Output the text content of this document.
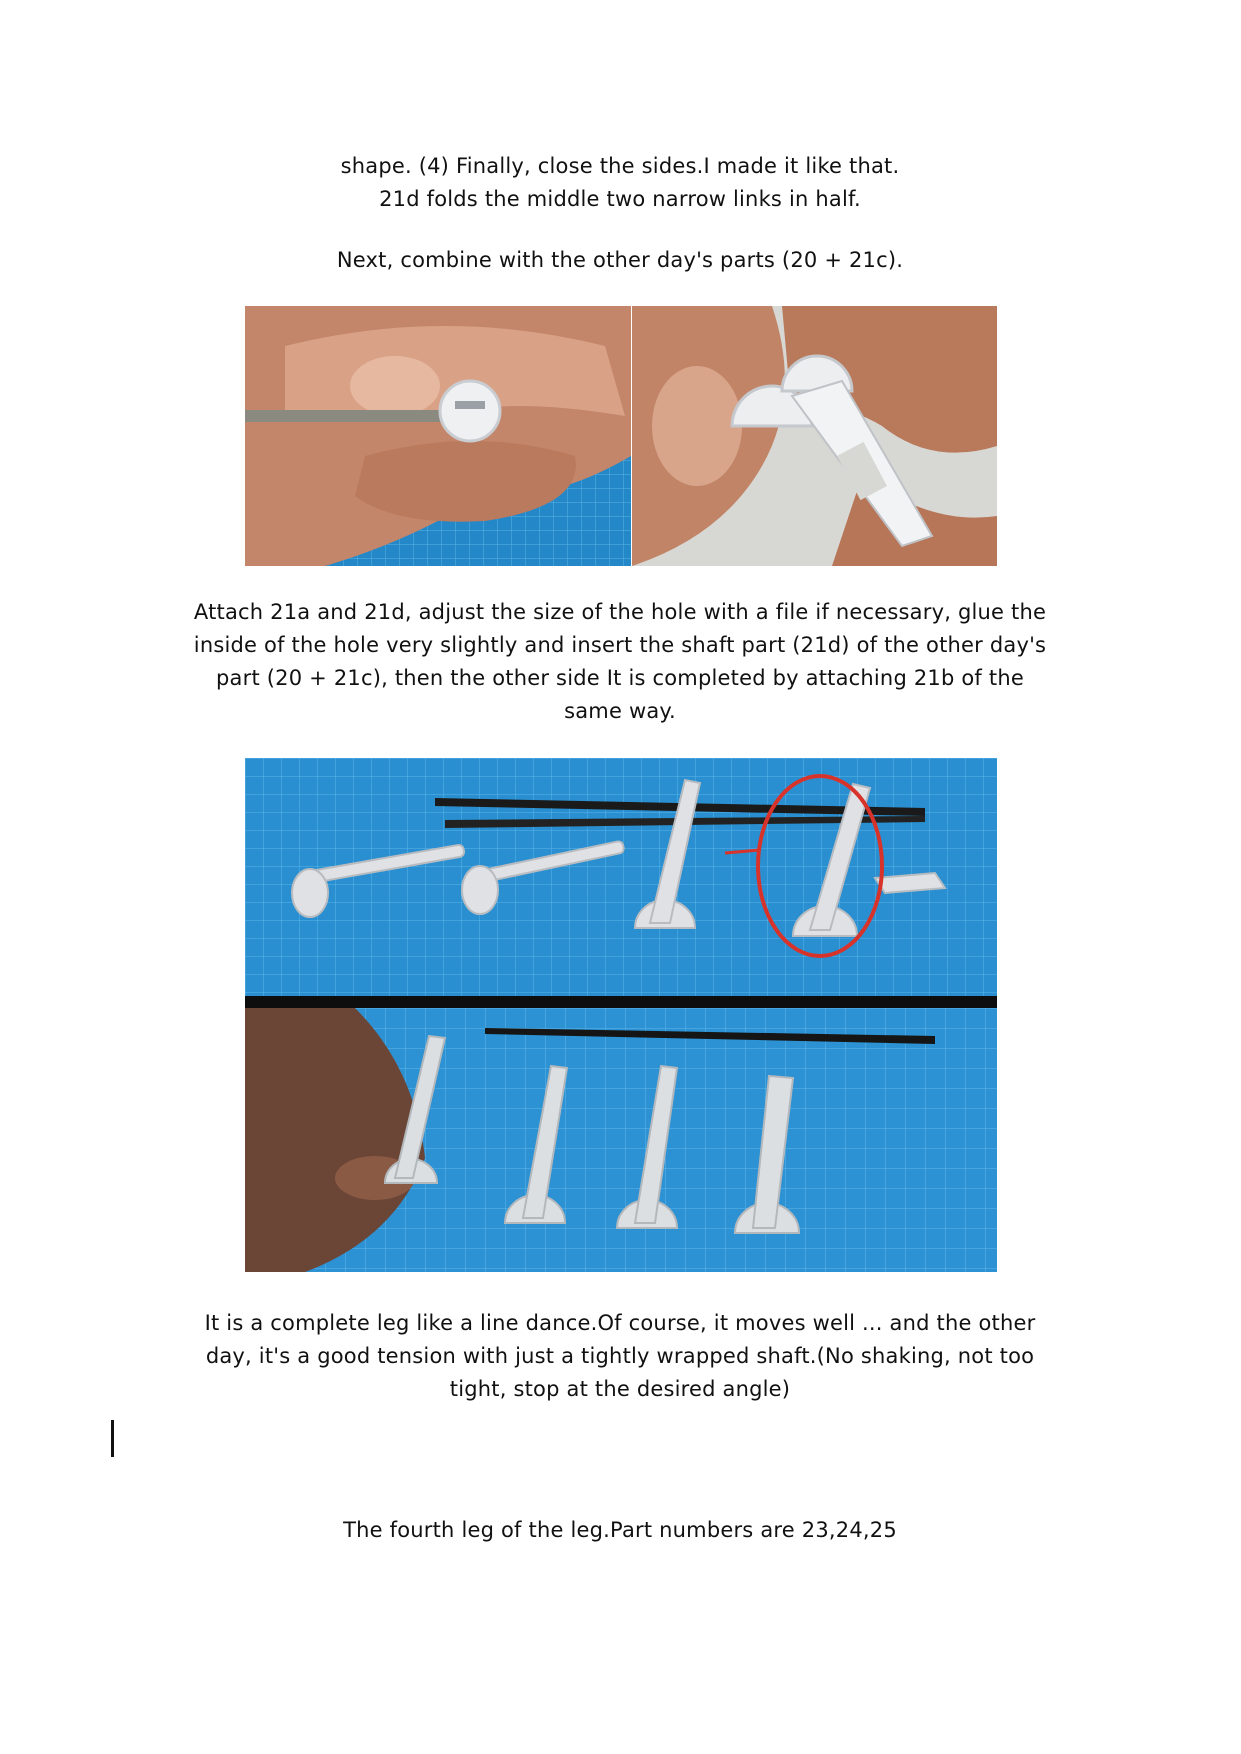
shape. (4) Finally, close the sides.I made it like that.

21d folds the middle two narrow links in half.

Next, combine with the other day's parts (20 + 21c).

Attach 21a and 21d, adjust the size of the hole with a file if necessary, glue the inside of the hole very slightly and insert the shaft part (21d) of the other day's part (20 + 21c), then the other side It is completed by attaching 21b of the same way.

It is a complete leg like a line dance.Of course, it moves well ... and the other day, it's a good tension with just a tightly wrapped shaft.(No shaking, not too tight, stop at the desired angle)

The fourth leg of the leg.Part numbers are 23,24,25
